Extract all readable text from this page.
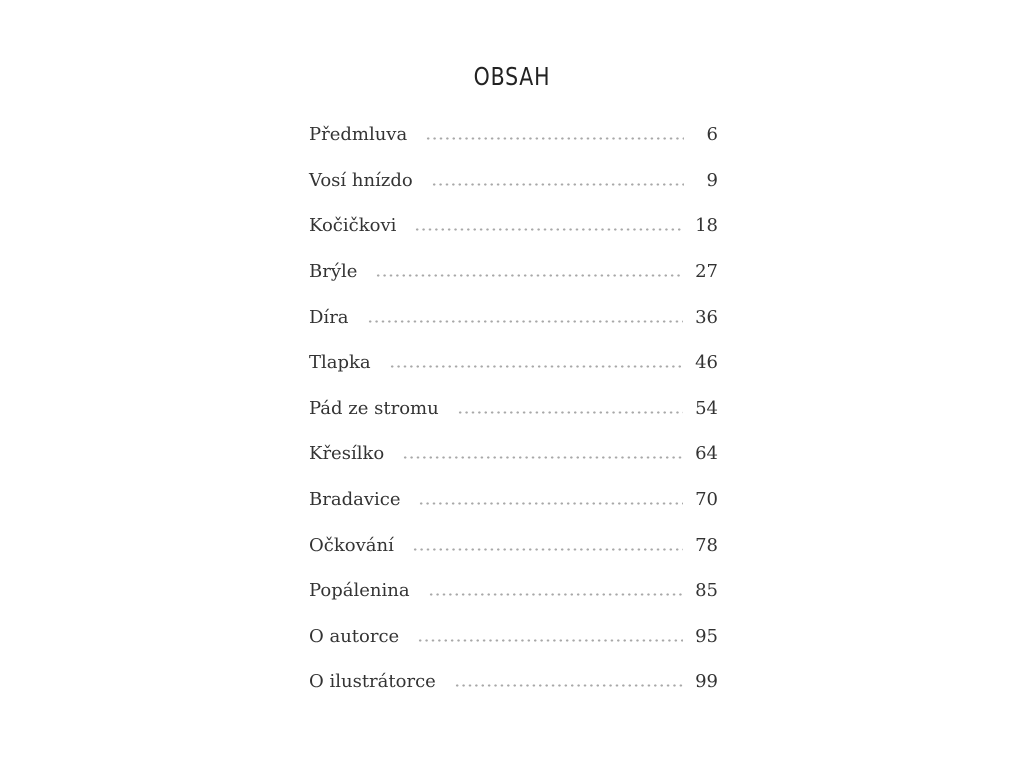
OBSAH
Předmluva	6
Vosí hnízdo	9
Kočičkovi	18
Brýle	27
Díra	36
Tlapka	46
Pád ze stromu	54
Křesílko	64
Bradavice	70
Očkování	78
Popálenina	85
O autorce	95
O ilustrátorce	99
